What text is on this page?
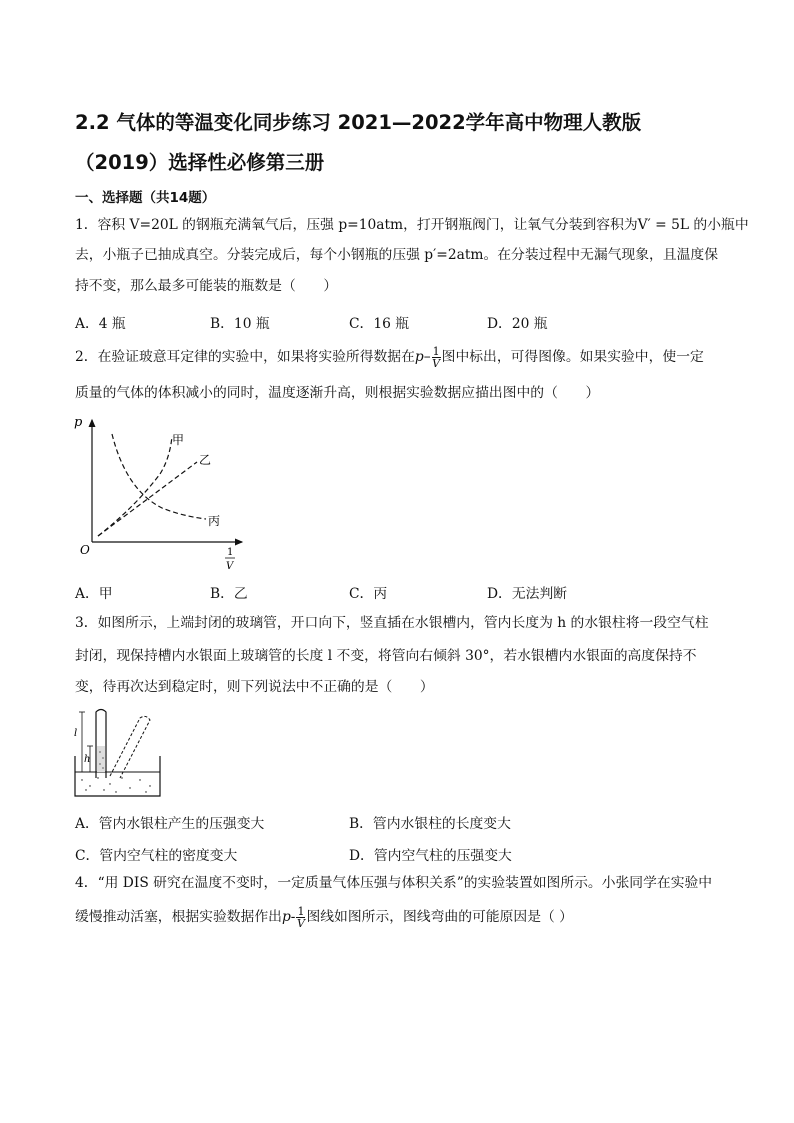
2.2 气体的等温变化同步练习 2021—2022学年高中物理人教版
（2019）选择性必修第三册

一、选择题（共14题）

1．容积 V=20L 的钢瓶充满氧气后，压强 p=10atm，打开钢瓶阀门，让氧气分装到容积为V′ = 5L 的小瓶中

去，小瓶子已抽成真空。分装完成后，每个小钢瓶的压强 p′=2atm。在分装过程中无漏气现象，且温度保

持不变，那么最多可能装的瓶数是（　　）

A．4 瓶	B．10 瓶	C．16 瓶	D．20 瓶

2．在验证玻意耳定律的实验中，如果将实验所得数据在$p- \frac{1}{V}$ 图中标出，可得图像。如果实验中，使一定

质量的气体的体积减小的同时，温度逐渐升高，则根据实验数据应描出图中的（　　）

p
O	1
V
甲
乙
丙
A．甲	B．乙	C．丙	D．无法判断

3．如图所示，上端封闭的玻璃管，开口向下，竖直插在水银槽内，管内长度为 h 的水银柱将一段空气柱

封闭，现保持槽内水银面上玻璃管的长度 l 不变，将管向右倾斜 30°，若水银槽内水银面的高度保持不

变，待再次达到稳定时，则下列说法中不正确的是（　　）

l
h
A．管内水银柱产生的压强变大	B．管内水银柱的长度变大
C．管内空气柱的密度变大	D．管内空气柱的压强变大

4．“用 DIS 研究在温度不变时，一定质量气体压强与体积关系”的实验装置如图所示。小张同学在实验中

缓慢推动活塞，根据实验数据作出$p- \frac{1}{V}$ 图线如图所示，图线弯曲的可能原因是（ ）
